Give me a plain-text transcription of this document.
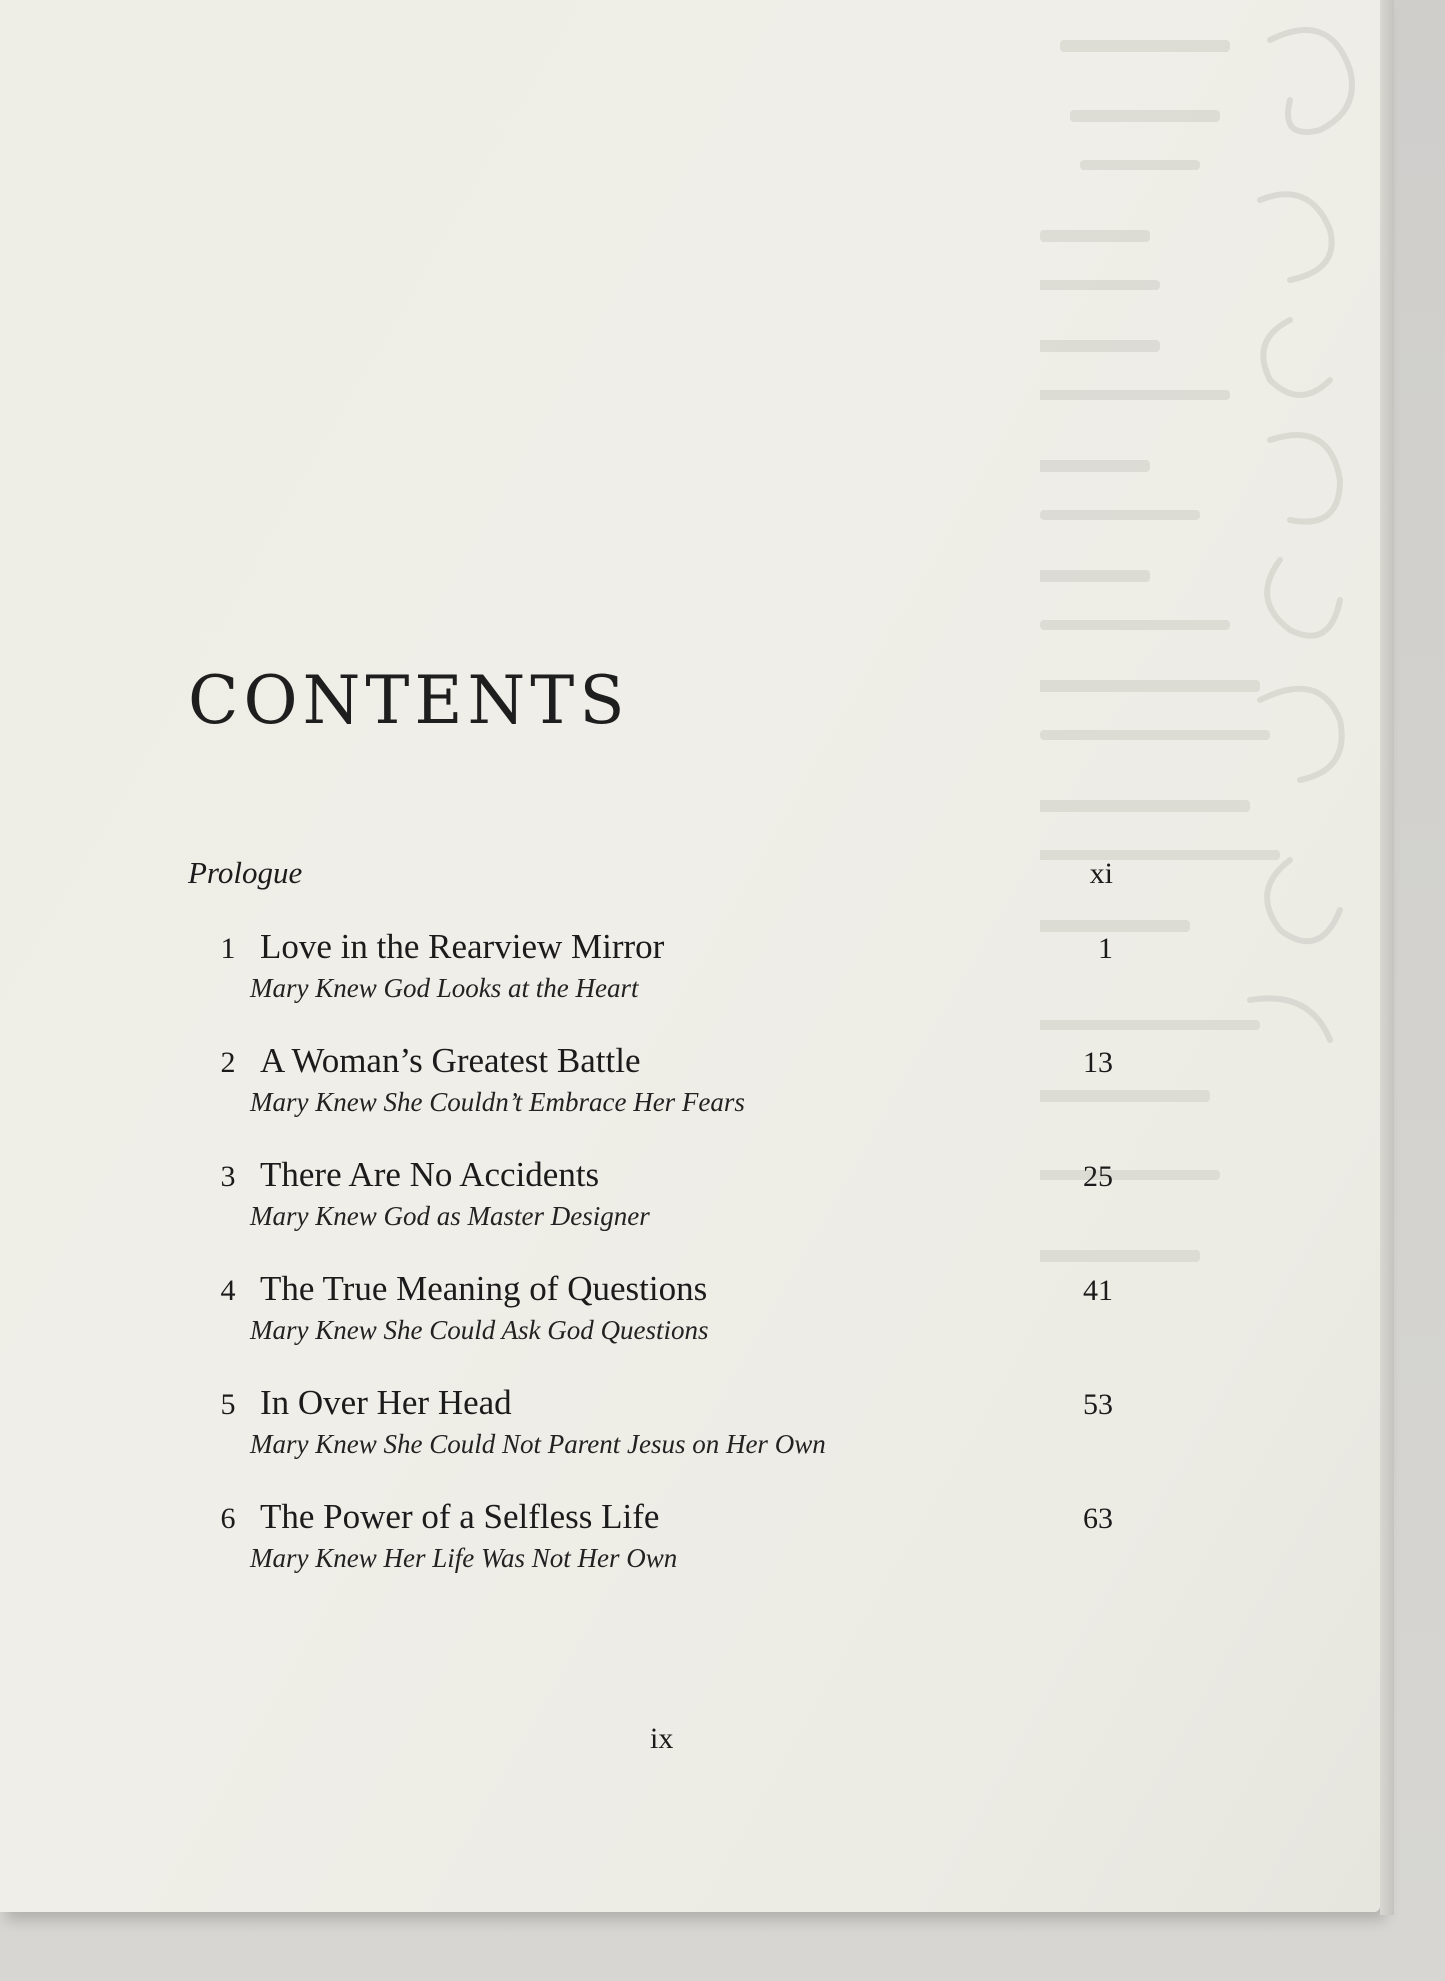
CONTENTS
Prologue	xi
1 Love in the Rearview Mirror	1
Mary Knew God Looks at the Heart
2 A Woman’s Greatest Battle	13
Mary Knew She Couldn’t Embrace Her Fears
3 There Are No Accidents	25
Mary Knew God as Master Designer
4 The True Meaning of Questions	41
Mary Knew She Could Ask God Questions
5 In Over Her Head	53
Mary Knew She Could Not Parent Jesus on Her Own
6 The Power of a Selfless Life	63
Mary Knew Her Life Was Not Her Own
ix
